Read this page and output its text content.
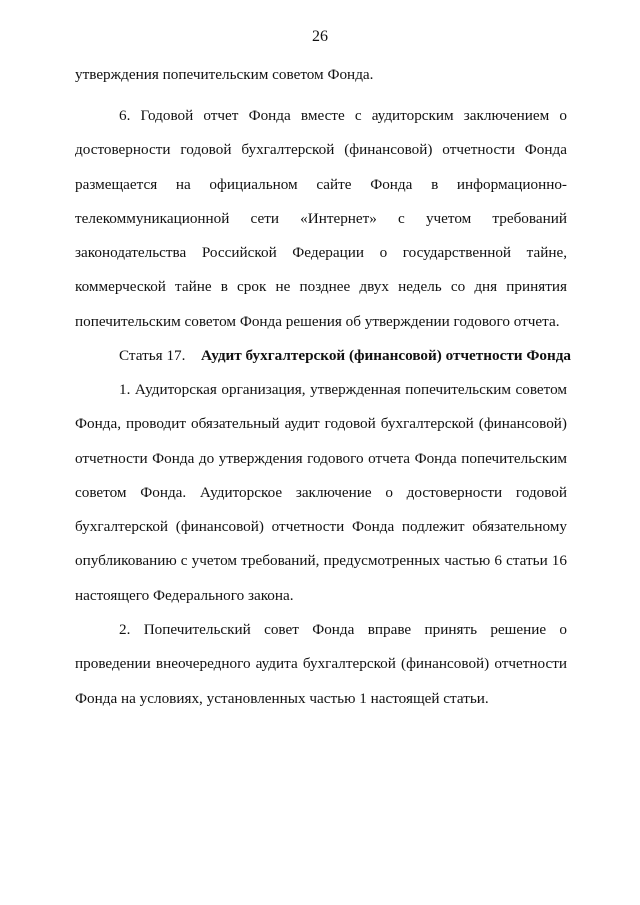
26
утверждения попечительским советом Фонда.
6. Годовой отчет Фонда вместе с аудиторским заключением о достоверности годовой бухгалтерской (финансовой) отчетности Фонда размещается на официальном сайте Фонда в информационно-телекоммуникационной сети «Интернет» с учетом требований законодательства Российской Федерации о государственной тайне, коммерческой тайне в срок не позднее двух недель со дня принятия попечительским советом Фонда решения об утверждении годового отчета.
Статья 17. Аудит бухгалтерской (финансовой) отчетности Фонда
1. Аудиторская организация, утвержденная попечительским советом Фонда, проводит обязательный аудит годовой бухгалтерской (финансовой) отчетности Фонда до утверждения годового отчета Фонда попечительским советом Фонда. Аудиторское заключение о достоверности годовой бухгалтерской (финансовой) отчетности Фонда подлежит обязательному опубликованию с учетом требований, предусмотренных частью 6 статьи 16 настоящего Федерального закона.
2. Попечительский совет Фонда вправе принять решение о проведении внеочередного аудита бухгалтерской (финансовой) отчетности Фонда на условиях, установленных частью 1 настоящей статьи.
